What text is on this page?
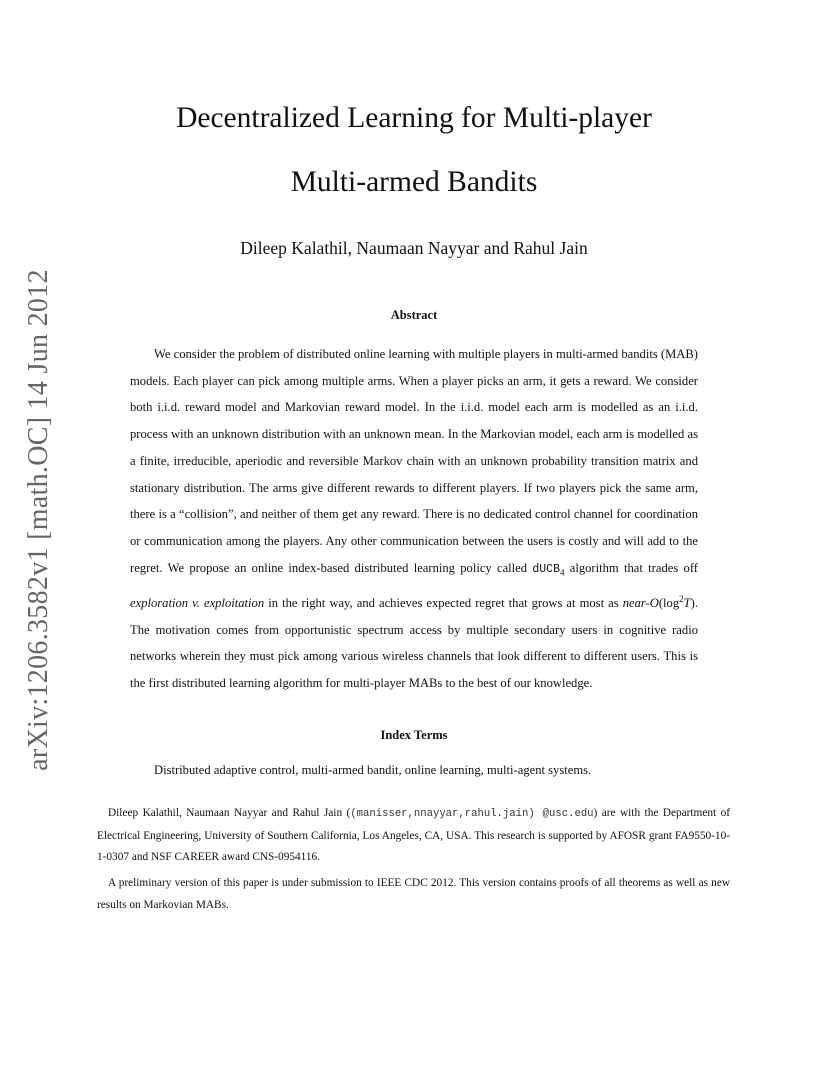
arXiv:1206.3582v1 [math.OC] 14 Jun 2012
Decentralized Learning for Multi-player
Multi-armed Bandits
Dileep Kalathil, Naumaan Nayyar and Rahul Jain
Abstract

We consider the problem of distributed online learning with multiple players in multi-armed bandits (MAB) models. Each player can pick among multiple arms. When a player picks an arm, it gets a reward. We consider both i.i.d. reward model and Markovian reward model. In the i.i.d. model each arm is modelled as an i.i.d. process with an unknown distribution with an unknown mean. In the Markovian model, each arm is modelled as a finite, irreducible, aperiodic and reversible Markov chain with an unknown probability transition matrix and stationary distribution. The arms give different rewards to different players. If two players pick the same arm, there is a “collision”, and neither of them get any reward. There is no dedicated control channel for coordination or communication among the players. Any other communication between the users is costly and will add to the regret. We propose an online index-based distributed learning policy called dUCB$_4$ algorithm that trades off exploration v. exploitation in the right way, and achieves expected regret that grows at most as near-$O(\log^2T)$. The motivation comes from opportunistic spectrum access by multiple secondary users in cognitive radio networks wherein they must pick among various wireless channels that look different to different users. This is the first distributed learning algorithm for multi-player MABs to the best of our knowledge.

Index Terms

Distributed adaptive control, multi-armed bandit, online learning, multi-agent systems.

Dileep Kalathil, Naumaan Nayyar and Rahul Jain ((manisser,nnayyar,rahul.jain) @usc.edu) are with the Department of Electrical Engineering, University of Southern California, Los Angeles, CA, USA. This research is supported by AFOSR grant FA9550-10-1-0307 and NSF CAREER award CNS-0954116.

A preliminary version of this paper is under submission to IEEE CDC 2012. This version contains proofs of all theorems as well as new results on Markovian MABs.
